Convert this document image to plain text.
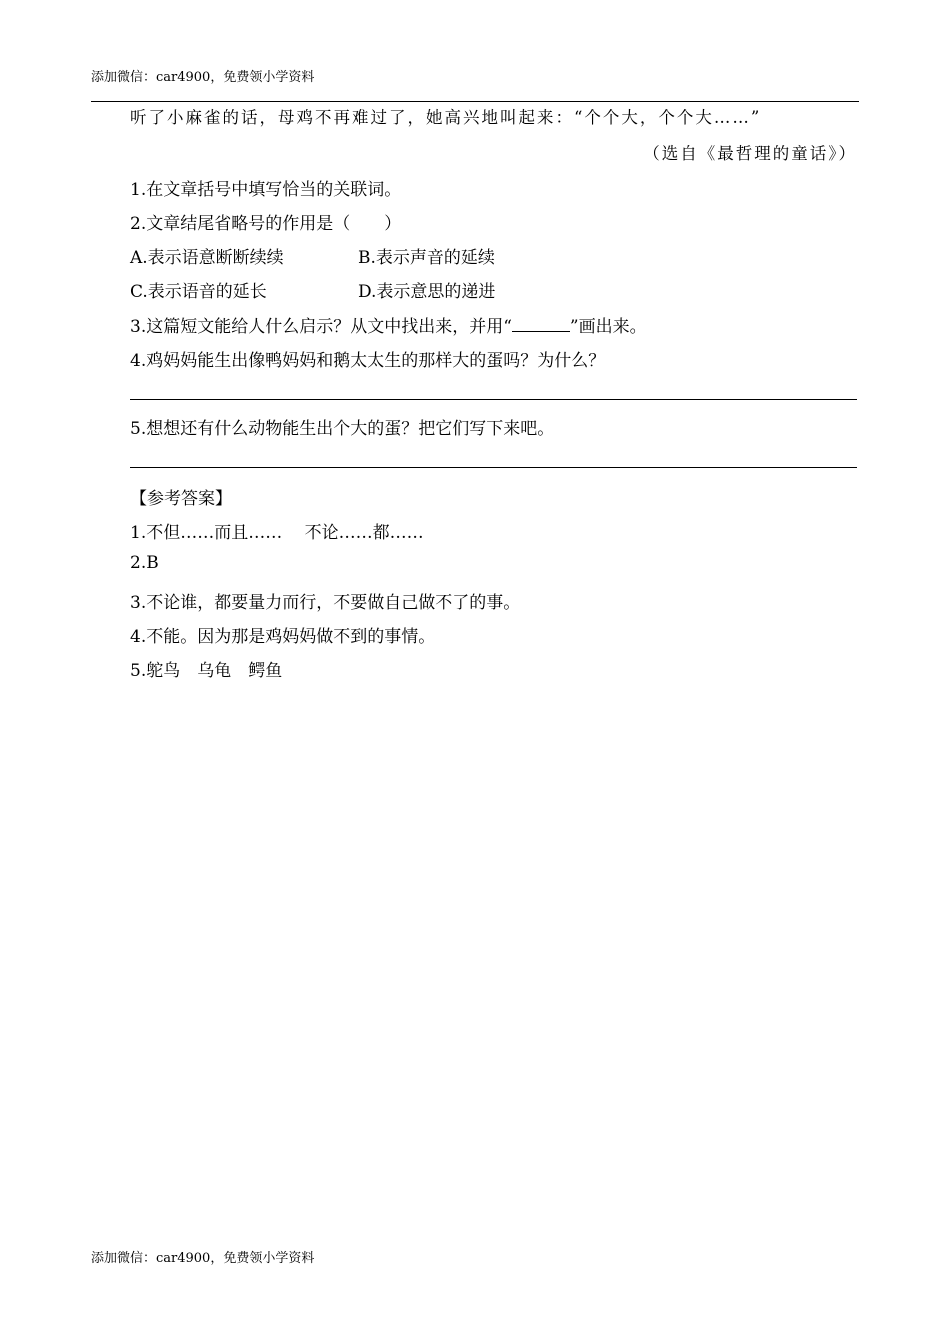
添加微信：car4900，免费领小学资料
听了小麻雀的话，母鸡不再难过了，她高兴地叫起来：“个个大，个个大……”
（选自《最哲理的童话》）
1.在文章括号中填写恰当的关联词。
2.文章结尾省略号的作用是（　　）
A.表示语意断断续续	B.表示声音的延续
C.表示语音的延长	D.表示意思的递进
3.这篇短文能给人什么启示？从文中找出来，并用“	”画出来。
4.鸡妈妈能生出像鸭妈妈和鹅太太生的那样大的蛋吗？为什么？
5.想想还有什么动物能生出个大的蛋？把它们写下来吧。
【参考答案】
1.不但……而且……　 不论……都……
2.B
3.不论谁，都要量力而行，不要做自己做不了的事。
4.不能。因为那是鸡妈妈做不到的事情。
5.鸵鸟　乌龟　鳄鱼
添加微信：car4900，免费领小学资料
